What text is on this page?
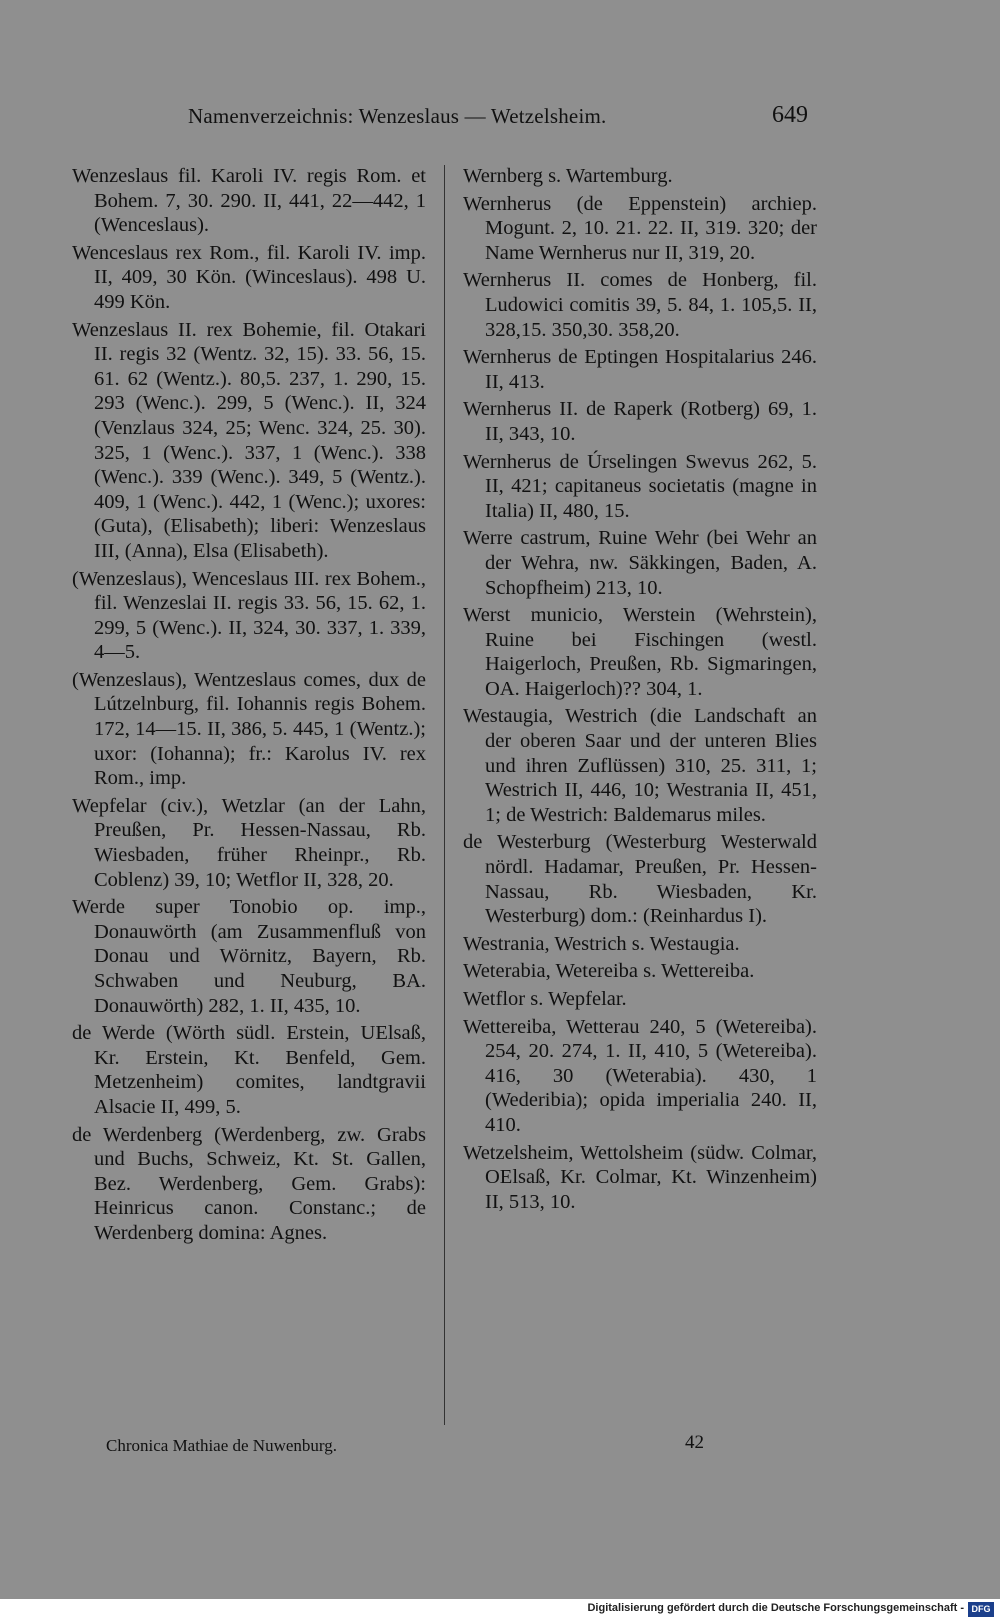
Namenverzeichnis: Wenzeslaus — Wetzelsheim.	649

Wenzeslaus fil. Karoli IV. regis Rom. et Bohem. 7, 30. 290. II, 441, 22—442, 1 (Wenceslaus).

Wenceslaus rex Rom., fil. Karoli IV. imp. II, 409, 30 Kön. (Winceslaus). 498 U. 499 Kön.

Wenzeslaus II. rex Bohemie, fil. Otakari II. regis 32 (Wentz. 32, 15). 33. 56, 15. 61. 62 (Wentz.). 80,5. 237, 1. 290, 15. 293 (Wenc.). 299, 5 (Wenc.). II, 324 (Venzlaus 324, 25; Wenc. 324, 25. 30). 325, 1 (Wenc.). 337, 1 (Wenc.). 338 (Wenc.). 339 (Wenc.). 349, 5 (Wentz.). 409, 1 (Wenc.). 442, 1 (Wenc.); uxores: (Guta), (Elisabeth); liberi: Wenzeslaus III, (Anna), Elsa (Elisabeth).

(Wenzeslaus), Wenceslaus III. rex Bohem., fil. Wenzeslai II. regis 33. 56, 15. 62, 1. 299, 5 (Wenc.). II, 324, 30. 337, 1. 339, 4—5.

(Wenzeslaus), Wentzeslaus comes, dux de Lútzelnburg, fil. Iohannis regis Bohem. 172, 14—15. II, 386, 5. 445, 1 (Wentz.); uxor: (Iohanna); fr.: Karolus IV. rex Rom., imp.

Wepfelar (civ.), Wetzlar (an der Lahn, Preußen, Pr. Hessen-Nassau, Rb. Wiesbaden, früher Rheinpr., Rb. Coblenz) 39, 10; Wetflor II, 328, 20.

Werde super Tonobio op. imp., Donauwörth (am Zusammenfluß von Donau und Wörnitz, Bayern, Rb. Schwaben und Neuburg, BA. Donauwörth) 282, 1. II, 435, 10.

de Werde (Wörth südl. Erstein, UElsaß, Kr. Erstein, Kt. Benfeld, Gem. Metzenheim) comites, landtgravii Alsacie II, 499, 5.

de Werdenberg (Werdenberg, zw. Grabs und Buchs, Schweiz, Kt. St. Gallen, Bez. Werdenberg, Gem. Grabs): Heinricus canon. Constanc.; de Werdenberg domina: Agnes.

Wernberg s. Wartemburg.

Wernherus (de Eppenstein) archiep. Mogunt. 2, 10. 21. 22. II, 319. 320; der Name Wernherus nur II, 319, 20.

Wernherus II. comes de Honberg, fil. Ludowici comitis 39, 5. 84, 1. 105,5. II, 328,15. 350,30. 358,20.

Wernherus de Eptingen Hospitalarius 246. II, 413.

Wernherus II. de Raperk (Rotberg) 69, 1. II, 343, 10.

Wernherus de Úrselingen Swevus 262, 5. II, 421; capitaneus societatis (magne in Italia) II, 480, 15.

Werre castrum, Ruine Wehr (bei Wehr an der Wehra, nw. Säkkingen, Baden, A. Schopfheim) 213, 10.

Werst municio, Werstein (Wehrstein), Ruine bei Fischingen (westl. Haigerloch, Preußen, Rb. Sigmaringen, OA. Haigerloch)?? 304, 1.

Westaugia, Westrich (die Landschaft an der oberen Saar und der unteren Blies und ihren Zuflüssen) 310, 25. 311, 1; Westrich II, 446, 10; Westrania II, 451, 1; de Westrich: Baldemarus miles.

de Westerburg (Westerburg Westerwald nördl. Hadamar, Preußen, Pr. Hessen-Nassau, Rb. Wiesbaden, Kr. Westerburg) dom.: (Reinhardus I).

Westrania, Westrich s. Westaugia.

Weterabia, Wetereiba s. Wettereiba.

Wetflor s. Wepfelar.

Wettereiba, Wetterau 240, 5 (Wetereiba). 254, 20. 274, 1. II, 410, 5 (Wetereiba). 416, 30 (Weterabia). 430, 1 (Wederibia); opida imperialia 240. II, 410.

Wetzelsheim, Wettolsheim (südw. Colmar, OElsaß, Kr. Colmar, Kt. Winzenheim) II, 513, 10.

Chronica Mathiae de Nuwenburg.	42
Digitalisierung gefördert durch die Deutsche Forschungsgemeinschaft - DFG
